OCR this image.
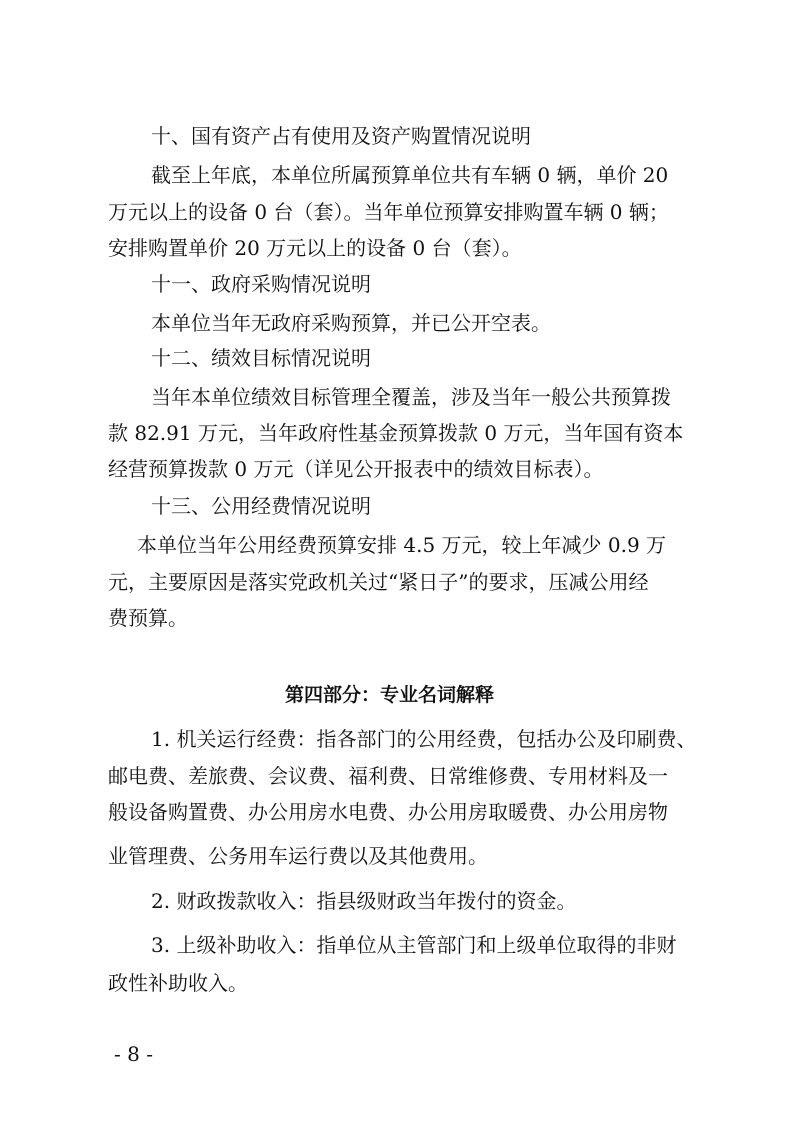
十、国有资产占有使用及资产购置情况说明
截至上年底，本单位所属预算单位共有车辆 0 辆，单价 20
万元以上的设备 0 台（套）。当年单位预算安排购置车辆 0 辆；
安排购置单价 20 万元以上的设备 0 台（套）。
十一、政府采购情况说明
本单位当年无政府采购预算，并已公开空表。
十二、绩效目标情况说明
当年本单位绩效目标管理全覆盖，涉及当年一般公共预算拨
款 82.91 万元，当年政府性基金预算拨款 0 万元，当年国有资本
经营预算拨款 0 万元（详见公开报表中的绩效目标表）。
十三、公用经费情况说明
本单位当年公用经费预算安排 4.5 万元，较上年减少 0.9 万
元，主要原因是落实党政机关过“紧日子”的要求，压减公用经
费预算。
第四部分：专业名词解释
1. 机关运行经费：指各部门的公用经费，包括办公及印刷费、
邮电费、差旅费、会议费、福利费、日常维修费、专用材料及一
般设备购置费、办公用房水电费、办公用房取暖费、办公用房物
业管理费、公务用车运行费以及其他费用。
2. 财政拨款收入：指县级财政当年拨付的资金。
3. 上级补助收入：指单位从主管部门和上级单位取得的非财
政性补助收入。
- 8 -
